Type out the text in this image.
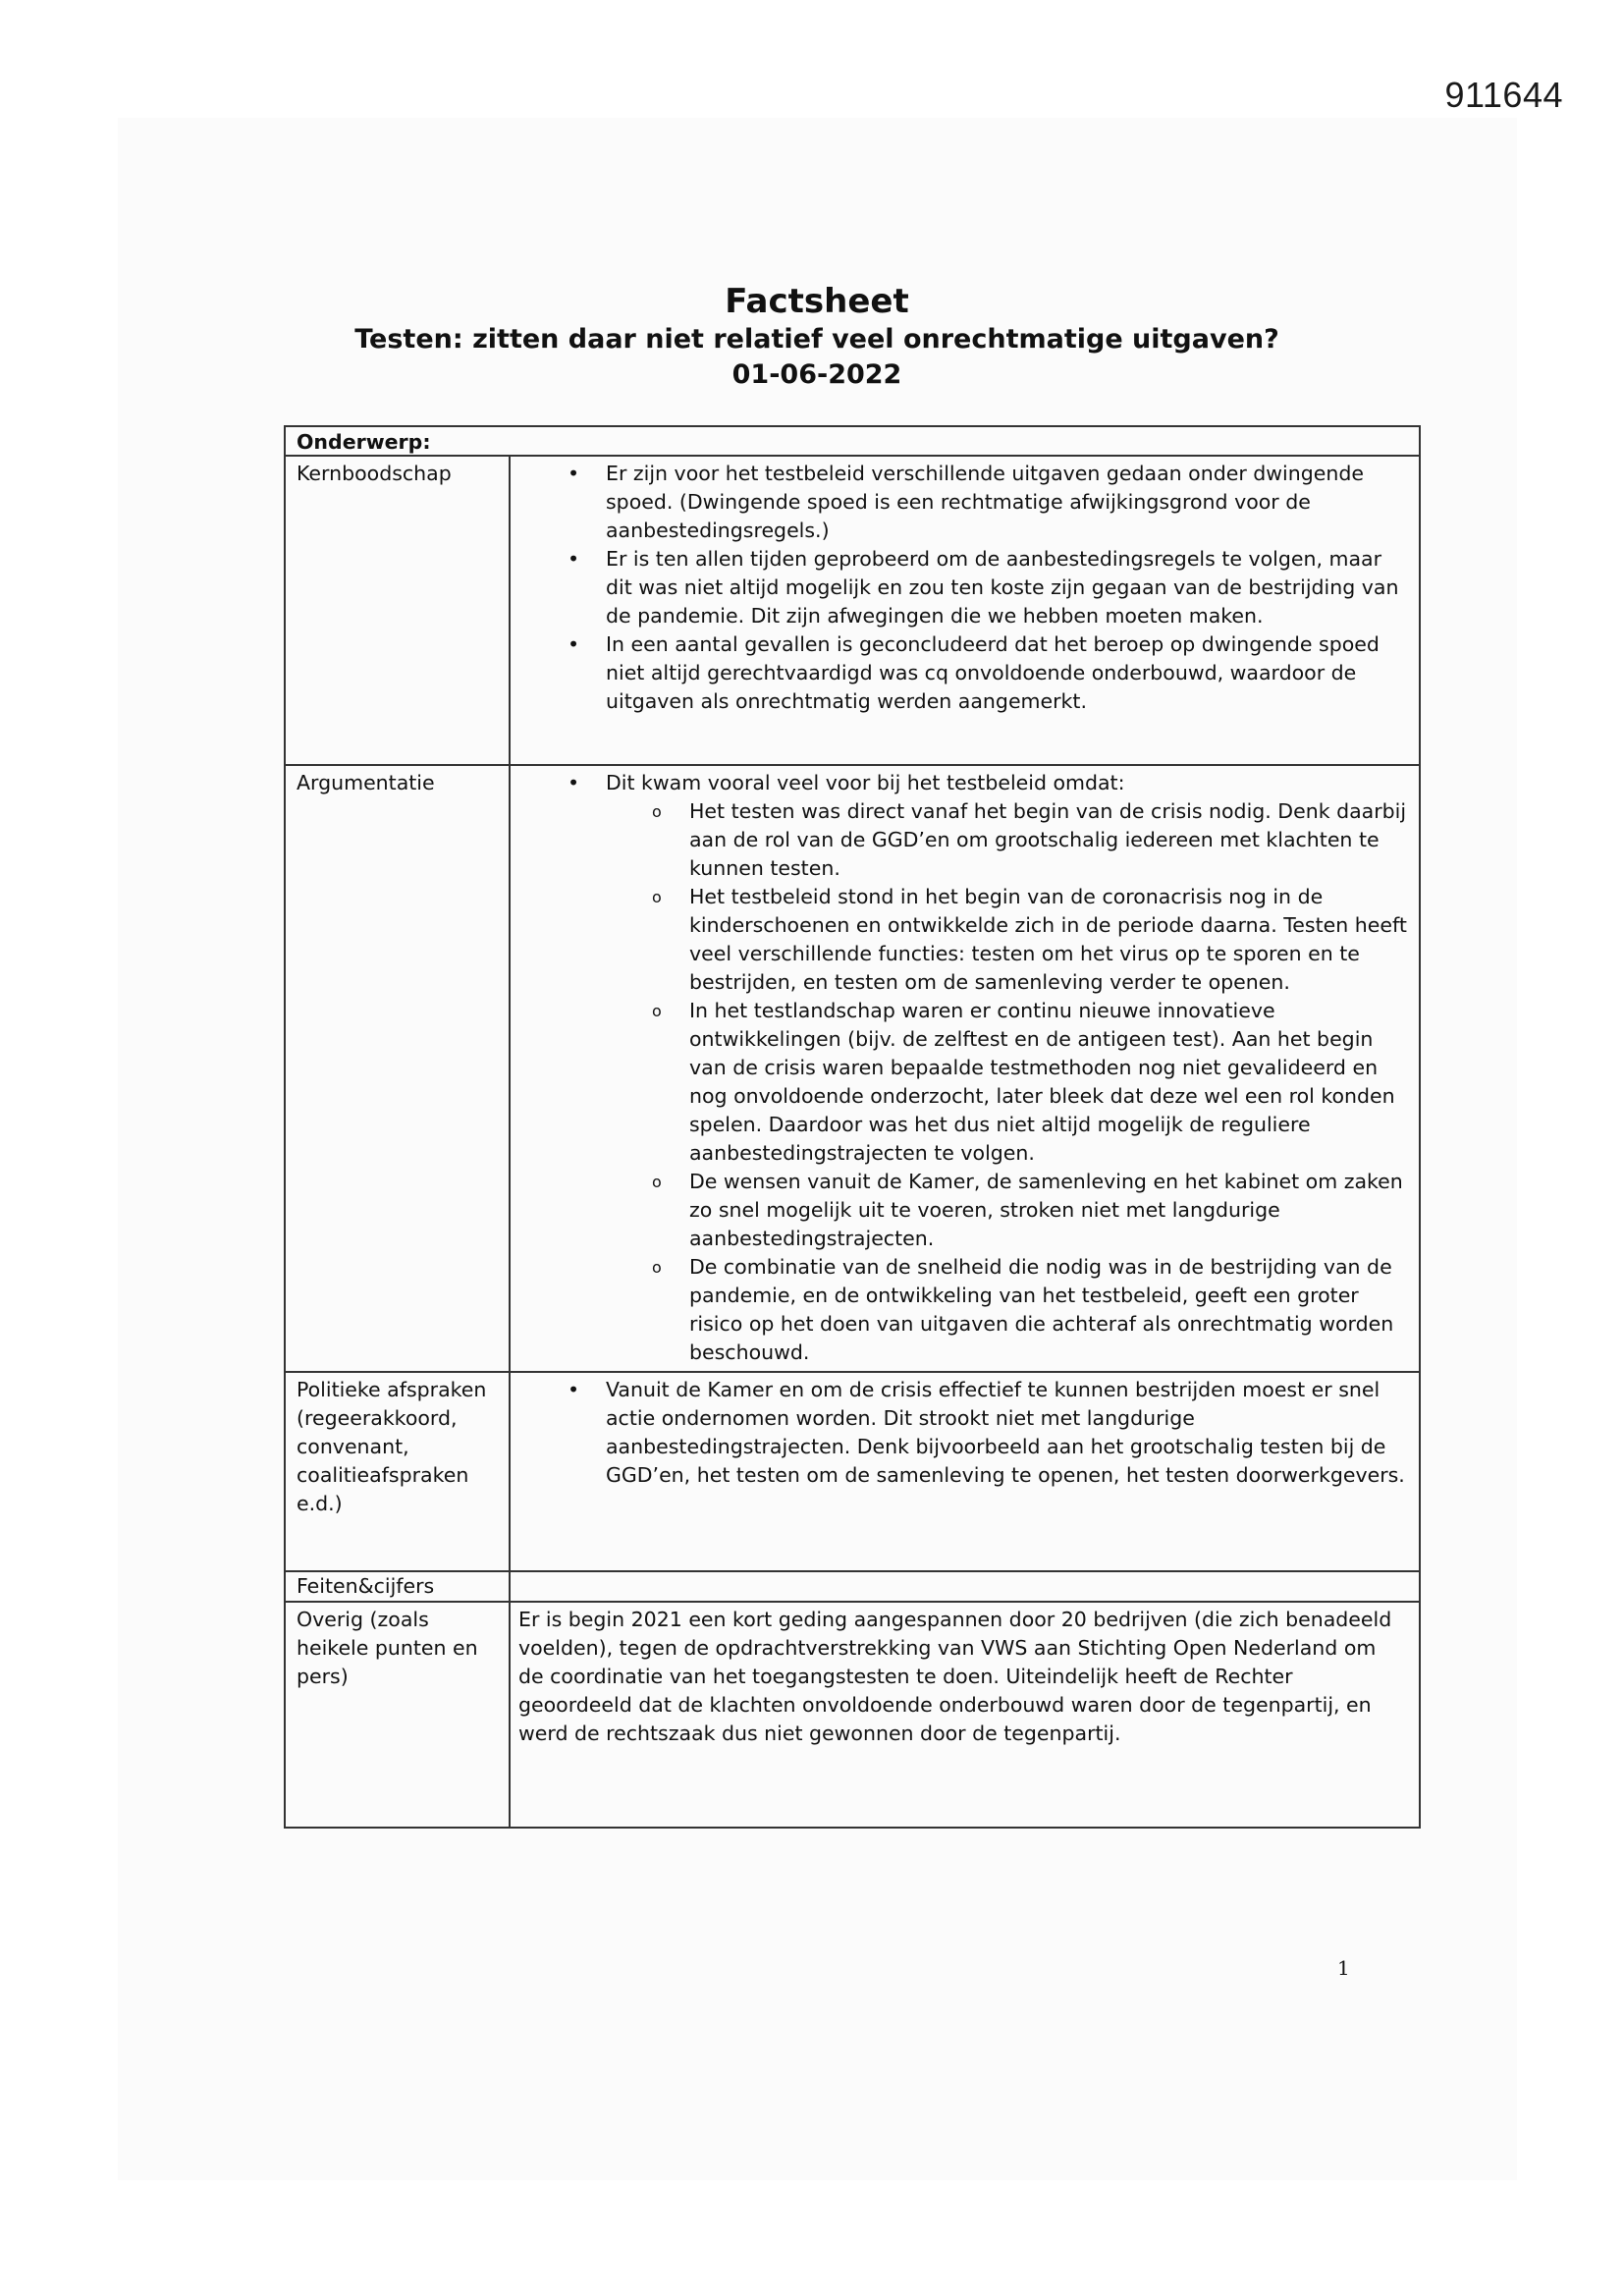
911644
Factsheet
Testen: zitten daar niet relatief veel onrechtmatige uitgaven?
01-06-2022
Onderwerp:
Kernboodschap	• Er zijn voor het testbeleid verschillende uitgaven gedaan onder dwingende spoed. (Dwingende spoed is een rechtmatige afwijkingsgrond voor de aanbestedingsregels.)
• Er is ten allen tijden geprobeerd om de aanbestedingsregels te volgen, maar dit was niet altijd mogelijk en zou ten koste zijn gegaan van de bestrijding van de pandemie. Dit zijn afwegingen die we hebben moeten maken.
• In een aantal gevallen is geconcludeerd dat het beroep op dwingende spoed niet altijd gerechtvaardigd was cq onvoldoende onderbouwd, waardoor de uitgaven als onrechtmatig werden aangemerkt.
Argumentatie	• Dit kwam vooral veel voor bij het testbeleid omdat:
o Het testen was direct vanaf het begin van de crisis nodig. Denk daarbij aan de rol van de GGD’en om grootschalig iedereen met klachten te kunnen testen.
o Het testbeleid stond in het begin van de coronacrisis nog in de kinderschoenen en ontwikkelde zich in de periode daarna. Testen heeft veel verschillende functies: testen om het virus op te sporen en te bestrijden, en testen om de samenleving verder te openen.
o In het testlandschap waren er continu nieuwe innovatieve ontwikkelingen (bijv. de zelftest en de antigeen test). Aan het begin van de crisis waren bepaalde testmethoden nog niet gevalideerd en nog onvoldoende onderzocht, later bleek dat deze wel een rol konden spelen. Daardoor was het dus niet altijd mogelijk de reguliere aanbestedingstrajecten te volgen.
o De wensen vanuit de Kamer, de samenleving en het kabinet om zaken zo snel mogelijk uit te voeren, stroken niet met langdurige aanbestedingstrajecten.
o De combinatie van de snelheid die nodig was in de bestrijding van de pandemie, en de ontwikkeling van het testbeleid, geeft een groter risico op het doen van uitgaven die achteraf als onrechtmatig worden beschouwd.
Politieke afspraken (regeerakkoord, convenant, coalitieafspraken e.d.)
• Vanuit de Kamer en om de crisis effectief te kunnen bestrijden moest er snel actie ondernomen worden. Dit strookt niet met langdurige aanbestedingstrajecten. Denk bijvoorbeeld aan het grootschalig testen bij de GGD’en, het testen om de samenleving te openen, het testen doorwerkgevers.
Feiten&cijfers
Overig (zoals heikele punten en pers)

Er is begin 2021 een kort geding aangespannen door 20 bedrijven (die zich benadeeld voelden), tegen de opdrachtverstrekking van VWS aan Stichting Open Nederland om de coordinatie van het toegangstesten te doen. Uiteindelijk heeft de Rechter geoordeeld dat de klachten onvoldoende onderbouwd waren door de tegenpartij, en werd de rechtszaak dus niet gewonnen door de tegenpartij.

1
